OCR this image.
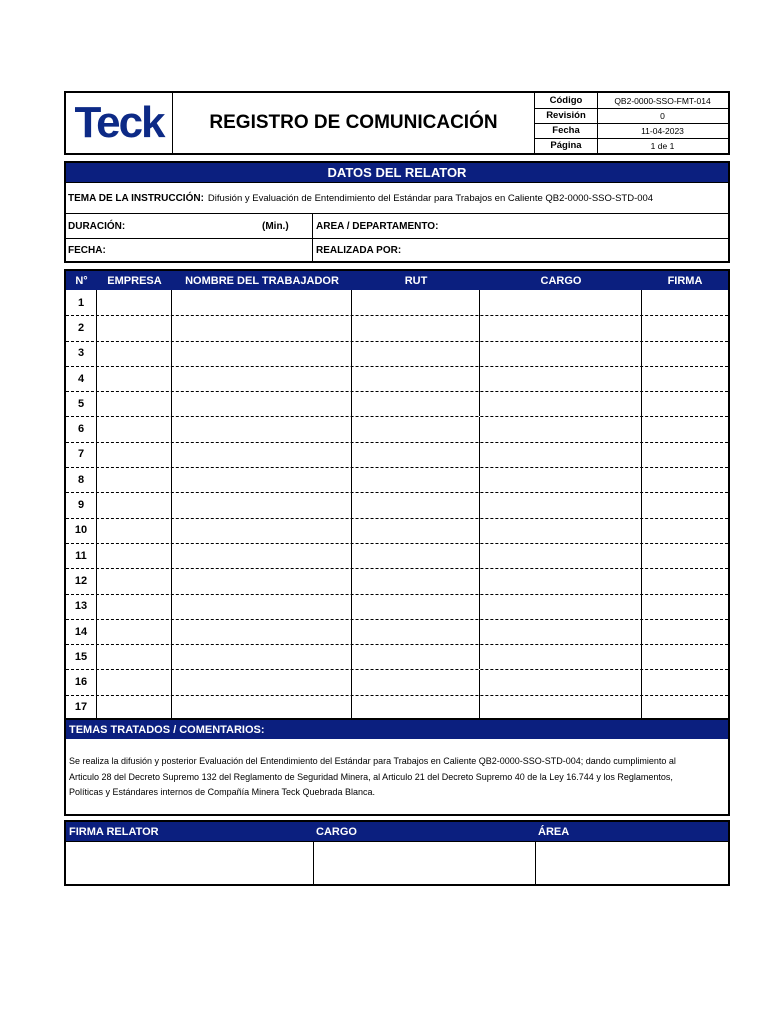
Teck	REGISTRO DE COMUNICACIÓN
Código	QB2-0000-SSO-FMT-014
Revisión	0
Fecha	11-04-2023
Página	1 de 1
DATOS DEL RELATOR
TEMA DE LA INSTRUCCIÓN: Difusión y Evaluación de Entendimiento del Estándar para Trabajos en Caliente QB2-0000-SSO-STD-004
DURACIÓN:	(Min.)	AREA / DEPARTAMENTO:
FECHA:	REALIZADA POR:
N°	EMPRESA	NOMBRE DEL TRABAJADOR	RUT	CARGO	FIRMA
1
2
3
4
5
6
7
8
9
10
11
12
13
14
15
16
17
TEMAS TRATADOS / COMENTARIOS:
Se realiza la difusión y posterior Evaluación del Entendimiento del Estándar para Trabajos en Caliente QB2-0000-SSO-STD-004; dando cumplimiento al
Articulo 28 del Decreto Supremo 132 del Reglamento de Seguridad Minera, al Articulo 21 del Decreto Supremo 40 de la Ley 16.744 y los Reglamentos,
Políticas y Estándares internos de Compañía Minera Teck Quebrada Blanca.
FIRMA RELATOR	CARGO	ÁREA
